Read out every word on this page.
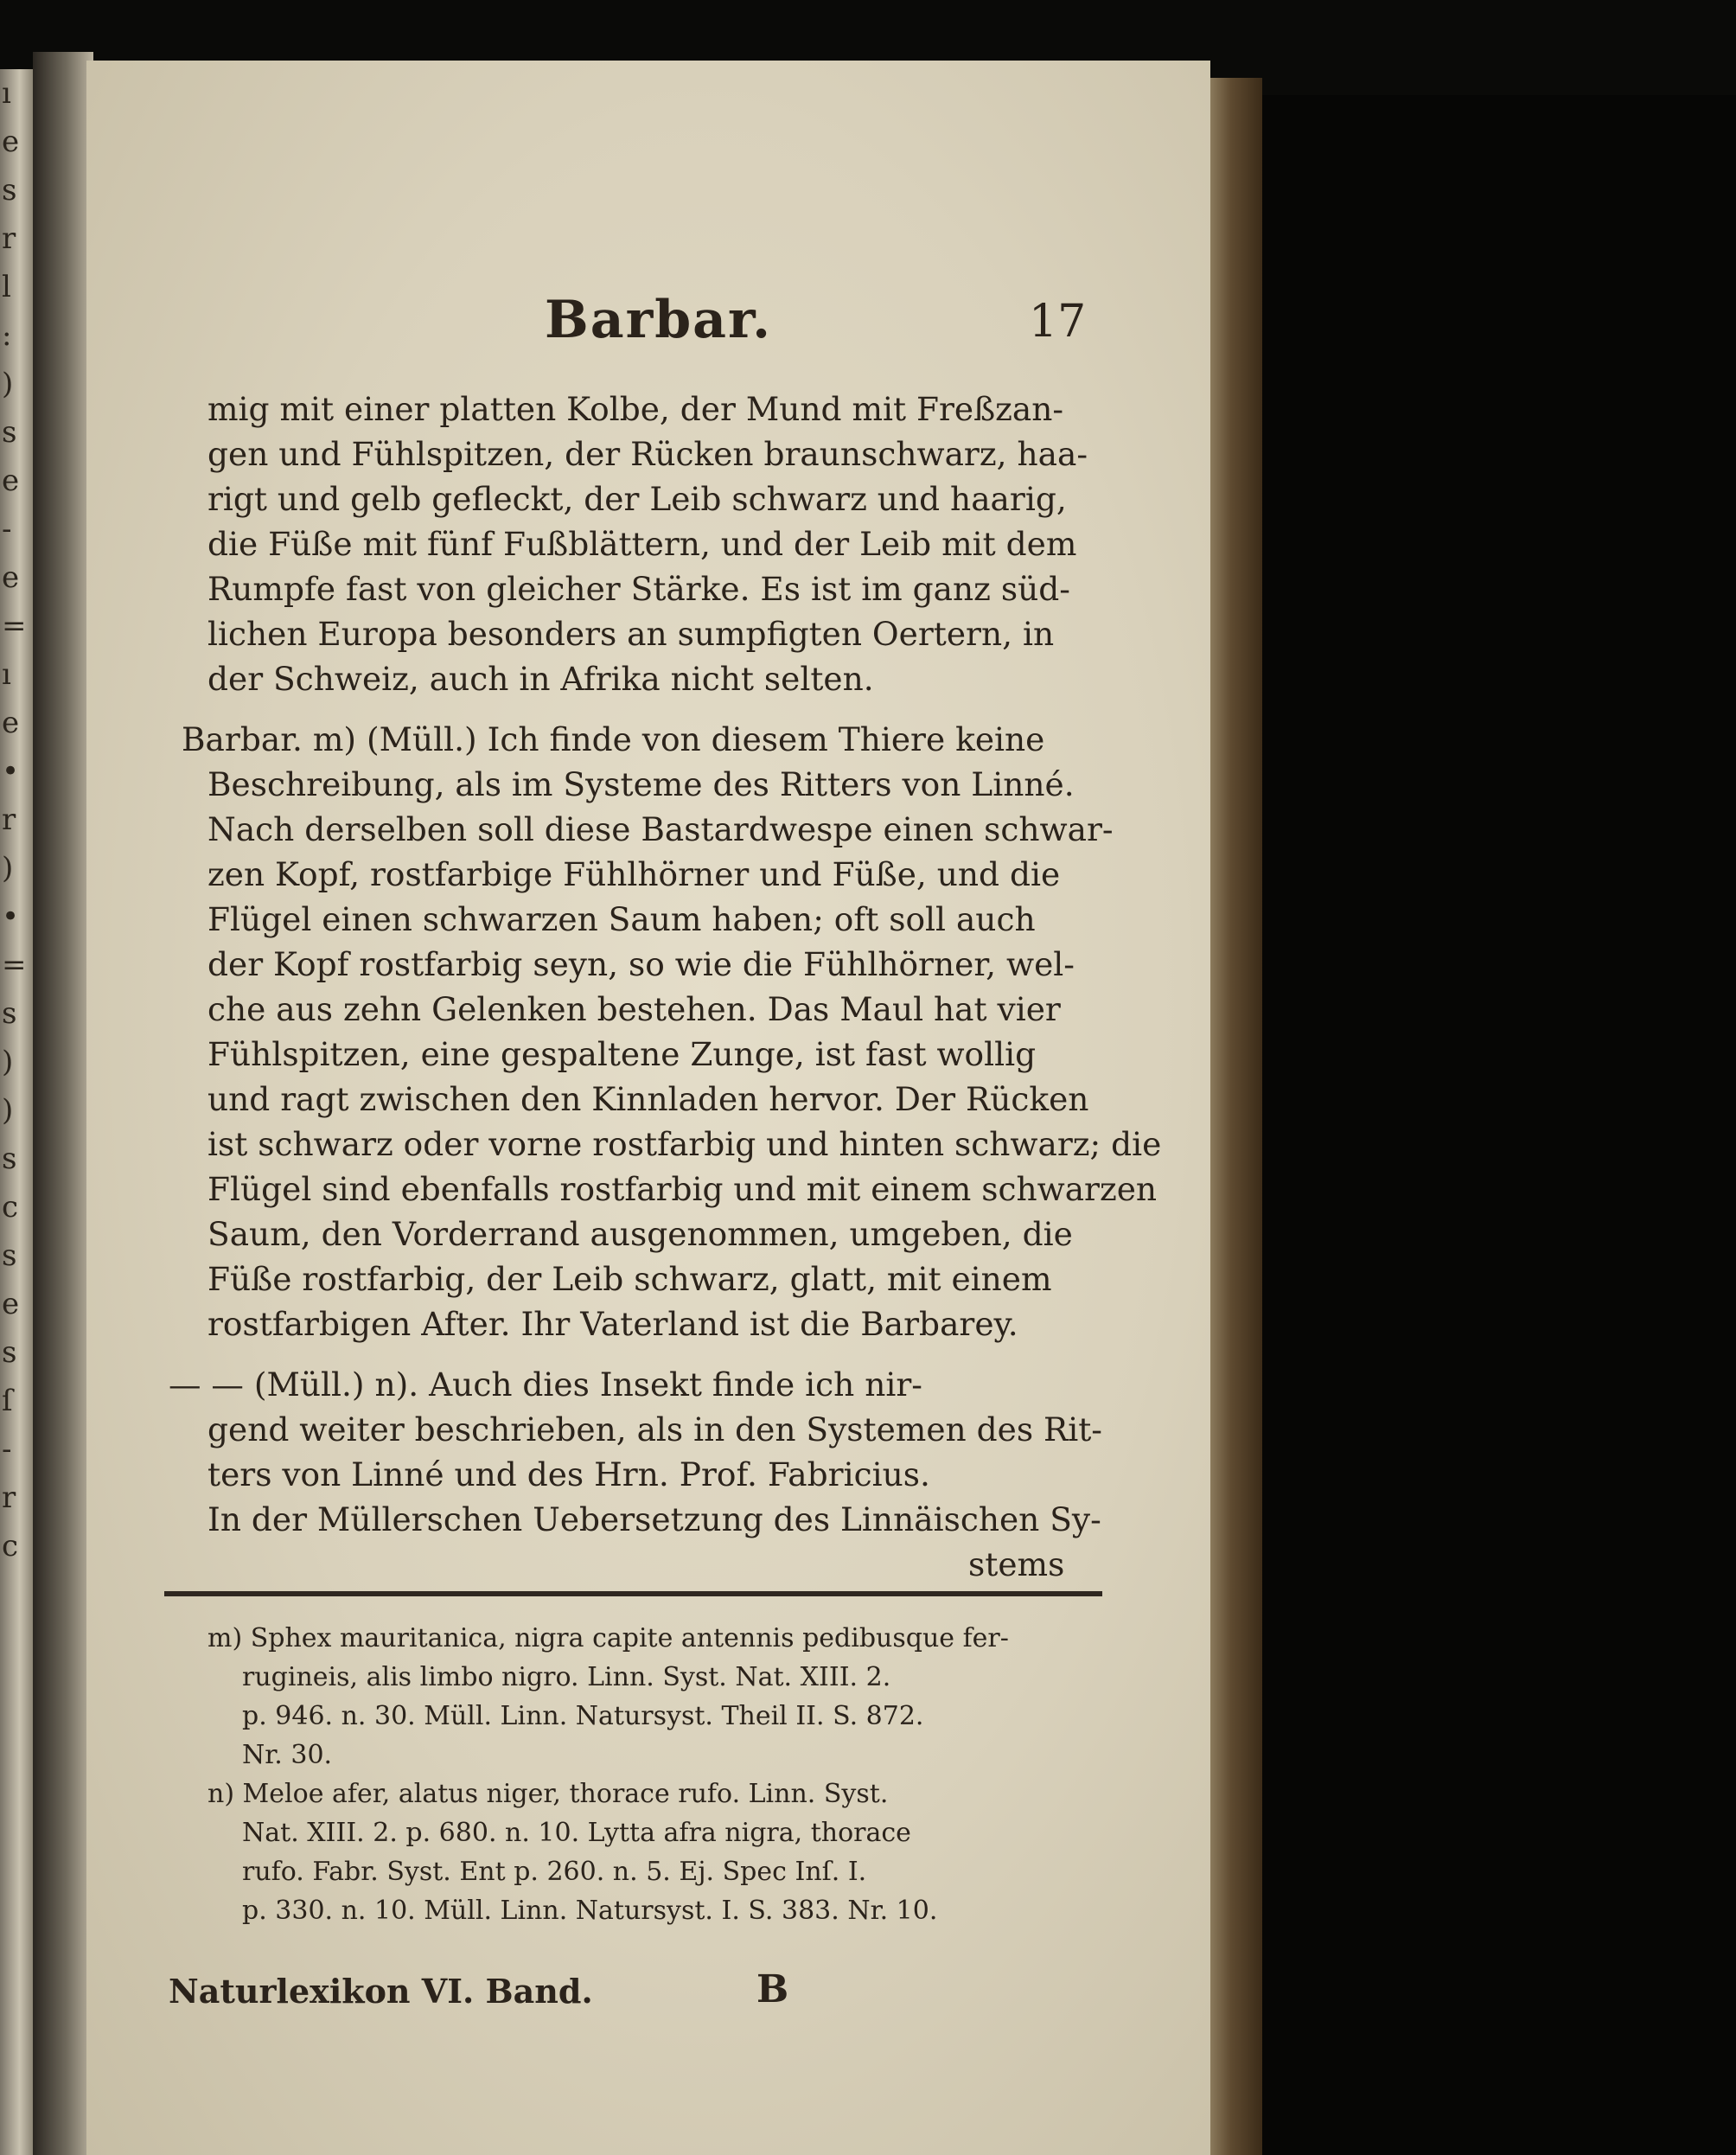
ı
e
s
r
l
:
)
s
e
-
e
=
ı
e
•
r
)
•
=
s
)
)
s
c
s
e
s
ſ
-
r
c
Barbar.	17
mig mit einer platten Kolbe, der Mund mit Freßzan-
gen und Fühlspitzen, der Rücken braunschwarz, haa-
rigt und gelb gefleckt, der Leib schwarz und haarig,
die Füße mit fünf Fußblättern, und der Leib mit dem
Rumpfe fast von gleicher Stärke. Es ist im ganz süd-
lichen Europa besonders an sumpfigten Oertern, in
der Schweiz, auch in Afrika nicht selten.
Barbar. m) (Müll.) Ich finde von diesem Thiere keine
Beschreibung, als im Systeme des Ritters von Linné.
Nach derselben soll diese Bastardwespe einen schwar-
zen Kopf, rostfarbige Fühlhörner und Füße, und die
Flügel einen schwarzen Saum haben; oft soll auch
der Kopf rostfarbig seyn, so wie die Fühlhörner, wel-
che aus zehn Gelenken bestehen. Das Maul hat vier
Fühlspitzen, eine gespaltene Zunge, ist fast wollig
und ragt zwischen den Kinnladen hervor. Der Rücken
ist schwarz oder vorne rostfarbig und hinten schwarz; die
Flügel sind ebenfalls rostfarbig und mit einem schwarzen
Saum, den Vorderrand ausgenommen, umgeben, die
Füße rostfarbig, der Leib schwarz, glatt, mit einem
rostfarbigen After. Ihr Vaterland ist die Barbarey.
— — (Müll.) n). Auch dies Insekt finde ich nir-
gend weiter beschrieben, als in den Systemen des Rit-
ters von Linné und des Hrn. Prof. Fabricius.
In der Müllerschen Uebersetzung des Linnäischen Sy-
stems
m) Sphex mauritanica, nigra capite antennis pedibusque fer-
rugineis, alis limbo nigro. Linn. Syst. Nat. XIII. 2.
p. 946. n. 30. Müll. Linn. Natursyst. Theil II. S. 872.
Nr. 30.
n) Meloe afer, alatus niger, thorace rufo. Linn. Syst.
Nat. XIII. 2. p. 680. n. 10. Lytta afra nigra, thorace
rufo. Fabr. Syst. Ent p. 260. n. 5. Ej. Spec Inſ. I.
p. 330. n. 10. Müll. Linn. Natursyst. I. S. 383. Nr. 10.
Naturlexikon VI. Band.	B
